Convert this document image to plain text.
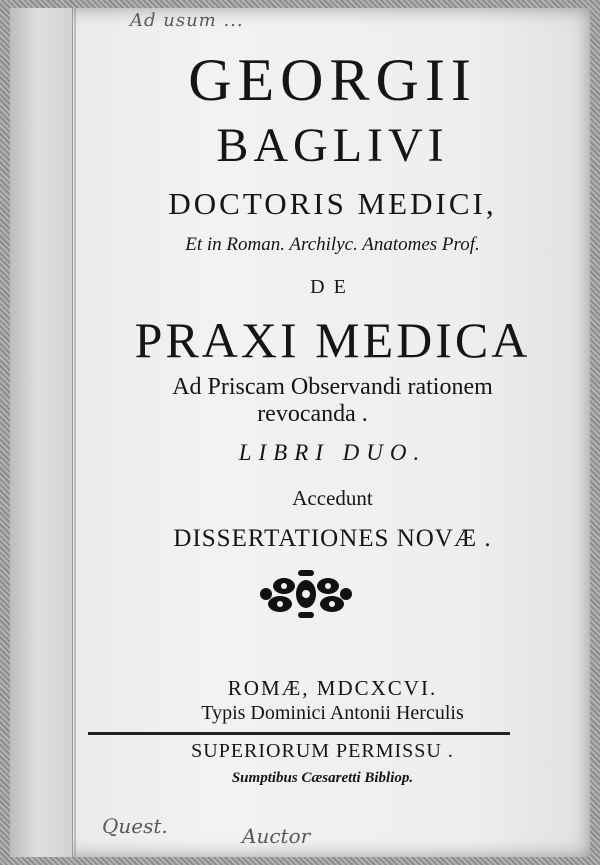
Ad usum ...
GEORGII
BAGLIVI
DOCTORIS MEDICI,
Et in Roman. Archilyc. Anatomes Prof.
DE
PRAXI MEDICA
Ad Priscam Observandi rationem
revocanda .
LIBRI DUO.
Accedunt
DISSERTATIONES NOVÆ .
ROMÆ, MDCXCVI.
Typis Dominici Antonii Herculis
SUPERIORUM PERMISSU .
Sumptibus Cæsaretti Bibliop.
Quest.	Auctor
